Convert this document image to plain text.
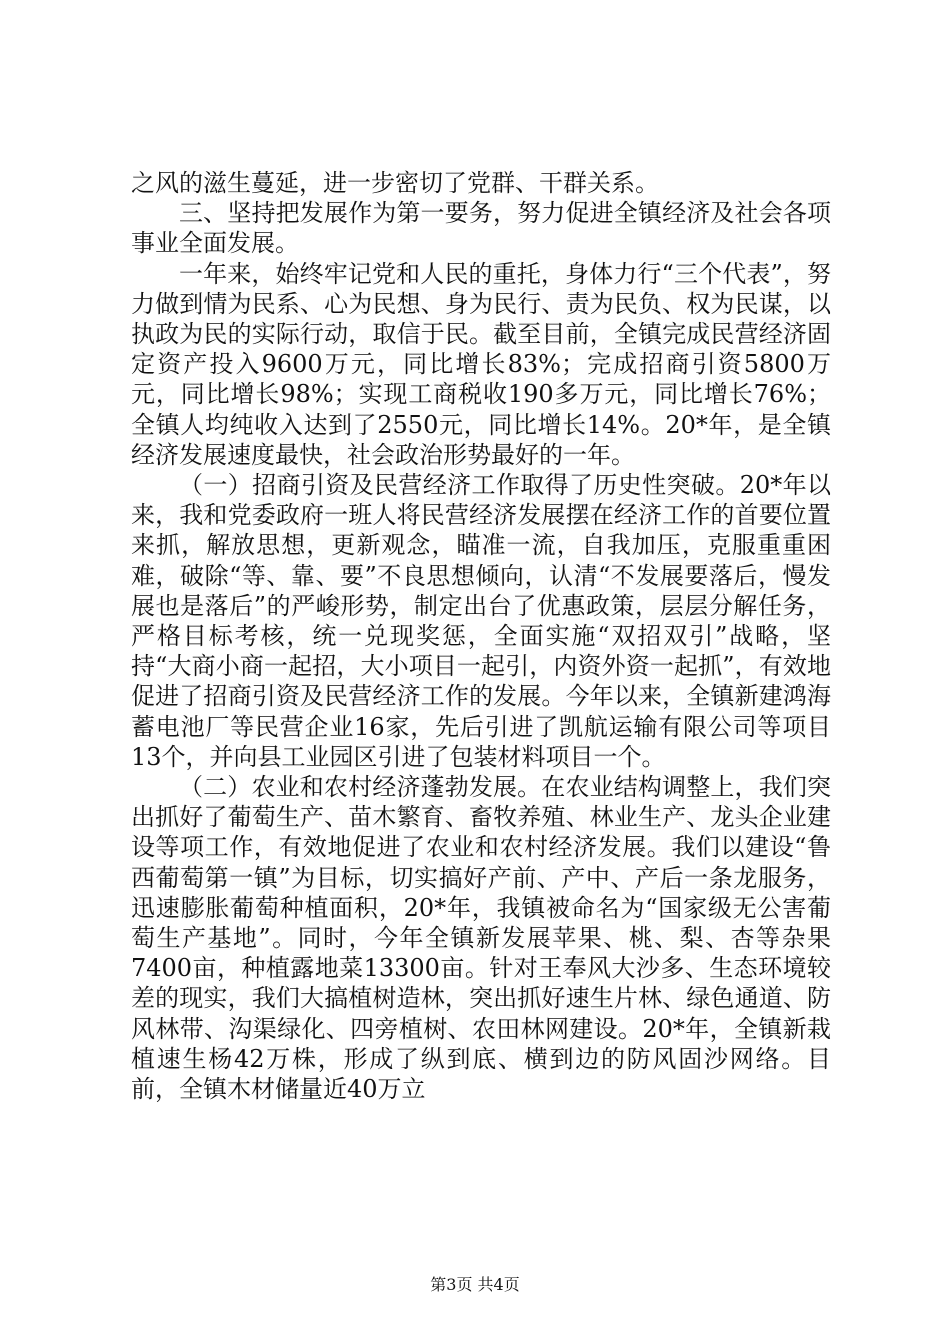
之风的滋生蔓延，进一步密切了党群、干群关系。

三、坚持把发展作为第一要务，努力促进全镇经济及社会各项事业全面发展。

一年来，始终牢记党和人民的重托，身体力行“三个代表”，努力做到情为民系、心为民想、身为民行、责为民负、权为民谋，以执政为民的实际行动，取信于民。截至目前，全镇完成民营经济固定资产投入9600万元，同比增长83%；完成招商引资5800万元，同比增长98%；实现工商税收190多万元，同比增长76%；全镇人均纯收入达到了2550元，同比增长14%。20*年，是全镇经济发展速度最快，社会政治形势最好的一年。

（一）招商引资及民营经济工作取得了历史性突破。20*年以来，我和党委政府一班人将民营经济发展摆在经济工作的首要位置来抓，解放思想，更新观念，瞄准一流，自我加压，克服重重困难，破除“等、靠、要”不良思想倾向，认清“不发展要落后，慢发展也是落后”的严峻形势，制定出台了优惠政策，层层分解任务，严格目标考核，统一兑现奖惩，全面实施“双招双引”战略，坚持“大商小商一起招，大小项目一起引，内资外资一起抓”，有效地促进了招商引资及民营经济工作的发展。今年以来，全镇新建鸿海蓄电池厂等民营企业16家，先后引进了凯航运输有限公司等项目13个，并向县工业园区引进了包装材料项目一个。

（二）农业和农村经济蓬勃发展。在农业结构调整上，我们突出抓好了葡萄生产、苗木繁育、畜牧养殖、林业生产、龙头企业建设等项工作，有效地促进了农业和农村经济发展。我们以建设“鲁西葡萄第一镇”为目标，切实搞好产前、产中、产后一条龙服务，迅速膨胀葡萄种植面积，20*年，我镇被命名为“国家级无公害葡萄生产基地”。同时，今年全镇新发展苹果、桃、梨、杏等杂果7400亩，种植露地菜13300亩。针对王奉风大沙多、生态环境较差的现实，我们大搞植树造林，突出抓好速生片林、绿色通道、防风林带、沟渠绿化、四旁植树、农田林网建设。20*年，全镇新栽植速生杨42万株，形成了纵到底、横到边的防风固沙网络。目前，全镇木材储量近40万立

第3页 共4页
